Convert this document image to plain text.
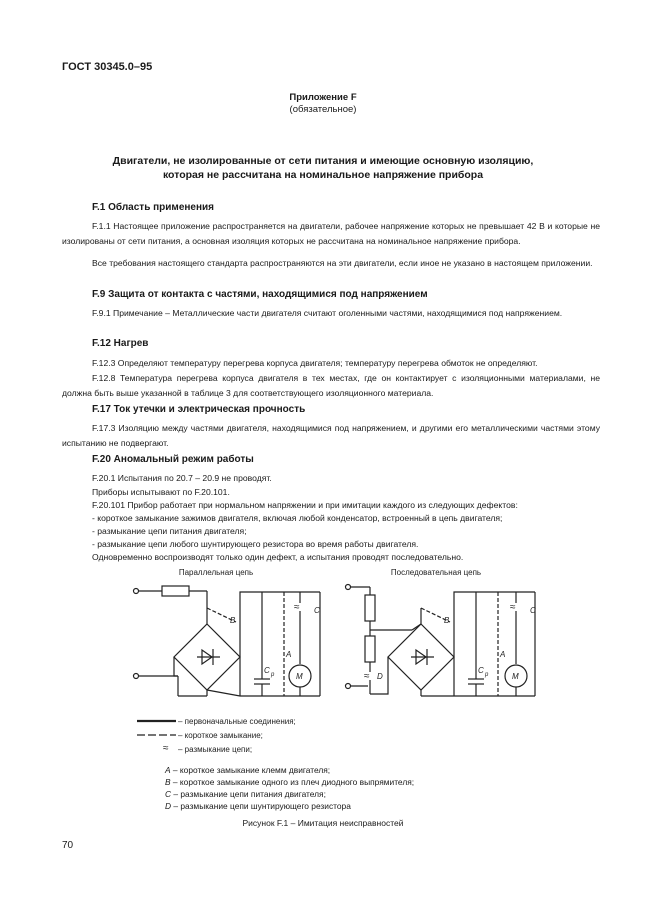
ГОСТ 30345.0–95
Приложение F
(обязательное)
Двигатели, не изолированные от сети питания и имеющие основную изоляцию,
которая не рассчитана на номинальное напряжение прибора
F.1 Область применения
F.1.1 Настоящее приложение распространяется на двигатели, рабочее напряжение которых не превышает 42 В и которые не изолированы от сети питания, а основная изоляция которых не рассчитана на номинальное напряжение прибора.
Все требования настоящего стандарта распространяются на эти двигатели, если иное не указано в настоящем приложении.
F.9 Защита от контакта с частями, находящимися под напряжением
F.9.1 Примечание – Металлические части двигателя считают оголенными частями, находящимися под напряжением.
F.12 Нагрев
F.12.3 Определяют температуру перегрева корпуса двигателя; температуру перегрева обмоток не определяют.
F.12.8 Температура перегрева корпуса двигателя в тех местах, где он контактирует с изоляционными материалами, не должна быть выше указанной в таблице 3 для соответствующего изоляционного материала.
F.17 Ток утечки и электрическая прочность
F.17.3 Изоляцию между частями двигателя, находящимися под напряжением, и другими его металлическими частями этому испытанию не подвергают.
F.20 Аномальный режим работы
F.20.1 Испытания по 20.7 – 20.9 не проводят.
Приборы испытывают по F.20.101.
F.20.101 Прибор работает при нормальном напряжении и при имитации каждого из следующих дефектов:
- короткое замыкание зажимов двигателя, включая любой конденсатор, встроенный в цепь двигателя;
- размыкание цепи питания двигателя;
- размыкание цепи любого шунтирующего резистора во время работы двигателя.
Одновременно воспроизводят только один дефект, а испытания проводят последовательно.
≈
≈
≈
≈
Параллельная цепь	Последовательная цепь
B
A
C
C p	M
B
A
C
D
C p	M
– первоначальные соединения;
– короткое замыкание;
– размыкание цепи;
A – короткое замыкание клемм двигателя;
B – короткое замыкание одного из плеч диодного выпрямителя;
C – размыкание цепи питания двигателя;
D – размыкание цепи шунтирующего резистора
Рисунок F.1 – Имитация неисправностей
70
